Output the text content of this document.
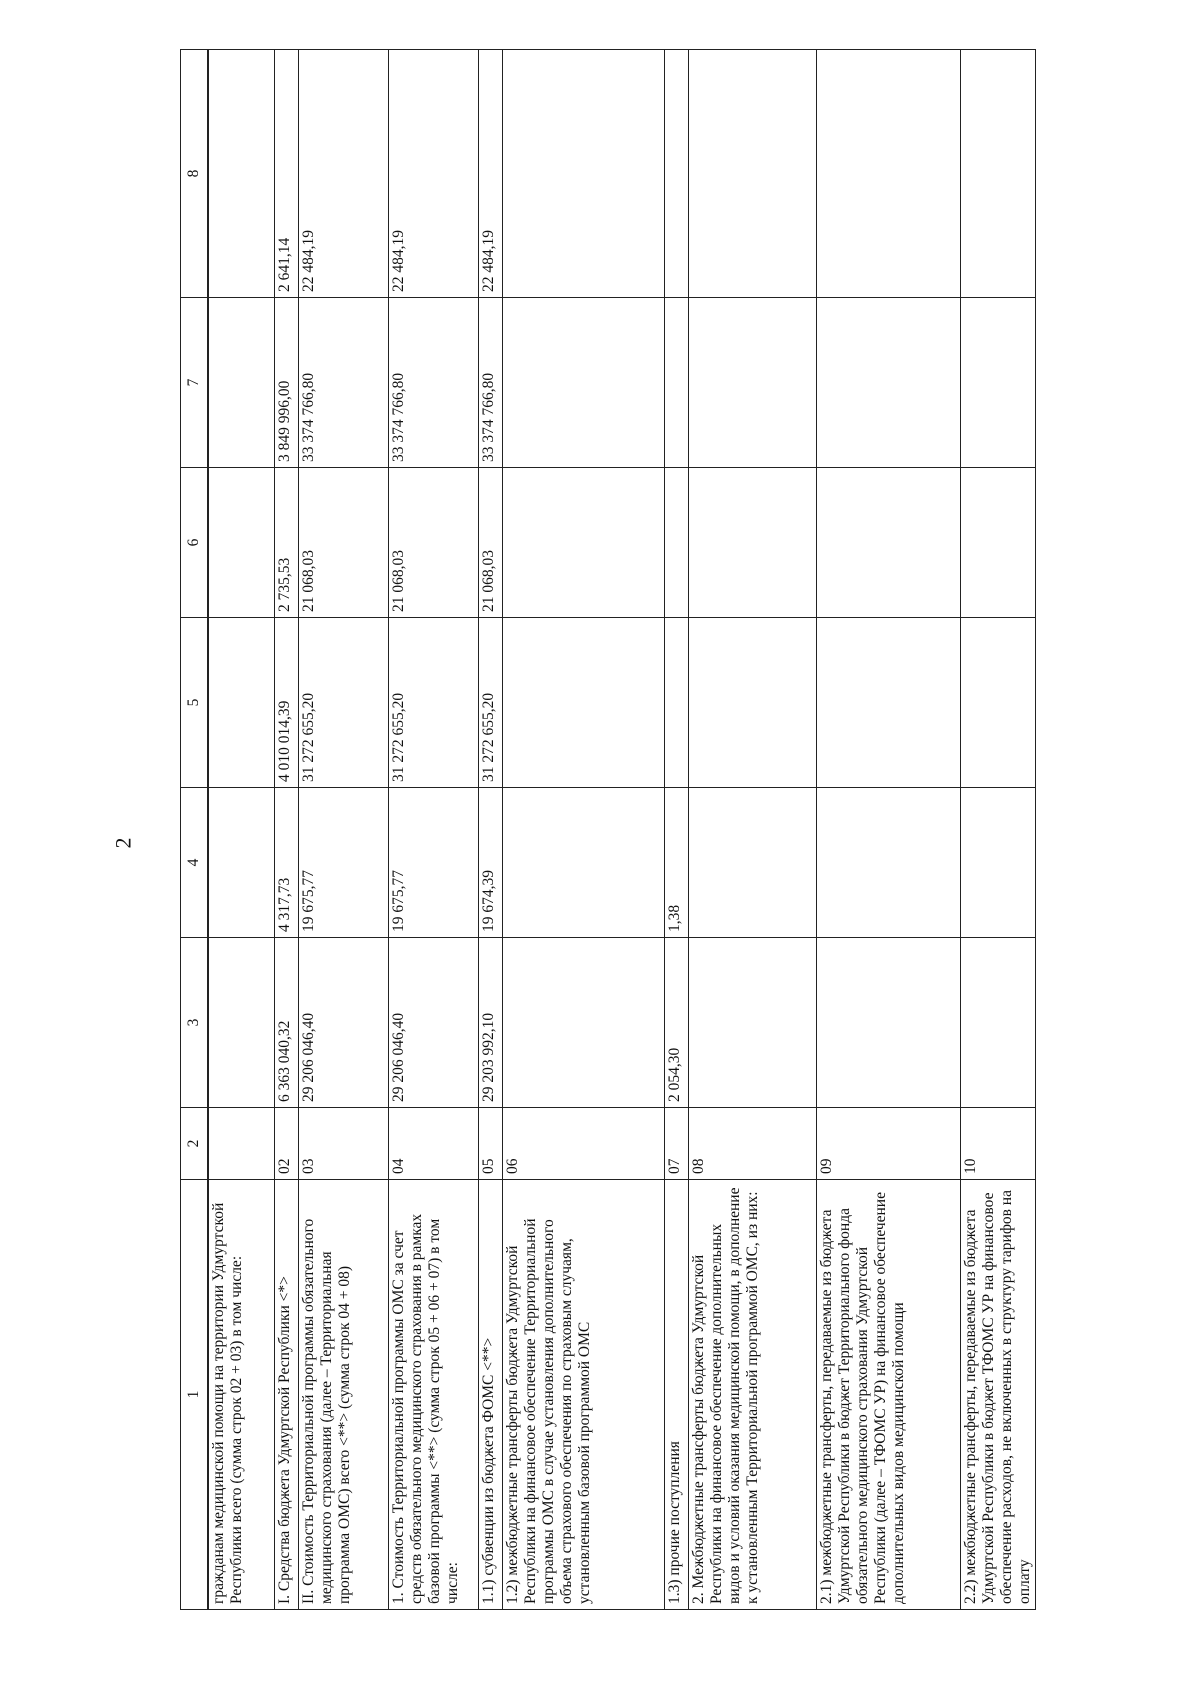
2
1	2	3	4	5	6	7	8
гражданам медицинской помощи на территории Удмуртской Республики всего (сумма строк 02 + 03) в том числе:							
I. Средства бюджета Удмуртской Республики <*>	02	6 363 040,32	4 317,73	4 010 014,39	2 735,53	3 849 996,00	2 641,14
II. Стоимость Территориальной программы обязательного медицинского страхования (далее – Территориальная программа ОМС) всего <**> (сумма строк 04 + 08)	03	29 206 046,40	19 675,77	31 272 655,20	21 068,03	33 374 766,80	22 484,19
1. Стоимость Территориальной программы ОМС за счет средств обязательного медицинского страхования в рамках базовой программы <**> (сумма строк 05 + 06 + 07) в том числе:	04	29 206 046,40	19 675,77	31 272 655,20	21 068,03	33 374 766,80	22 484,19
1.1) субвенции из бюджета ФОМС <**>	05	29 203 992,10	19 674,39	31 272 655,20	21 068,03	33 374 766,80	22 484,19
1.2) межбюджетные трансферты бюджета Удмуртской Республики на финансовое обеспечение Территориальной программы ОМС в случае установления дополнительного объема страхового обеспечения по страховым случаям, установленным базовой программой ОМС	06						
1.3) прочие поступления	07	2 054,30	1,38				
2. Межбюджетные трансферты бюджета Удмуртской Республики на финансовое обеспечение дополнительных видов и условий оказания медицинской помощи, в дополнение к установленным Территориальной программой ОМС, из них:	08						
2.1) межбюджетные трансферты, передаваемые из бюджета Удмуртской Республики в бюджет Территориального фонда обязательного медицинского страхования Удмуртской Республики (далее – ТФОМС УР) на финансовое обеспечение дополнительных видов медицинской помощи	09						
2.2) межбюджетные трансферты, передаваемые из бюджета Удмуртской Республики в бюджет ТФОМС УР на финансовое обеспечение расходов, не включенных в структуру тарифов на оплату	10						
